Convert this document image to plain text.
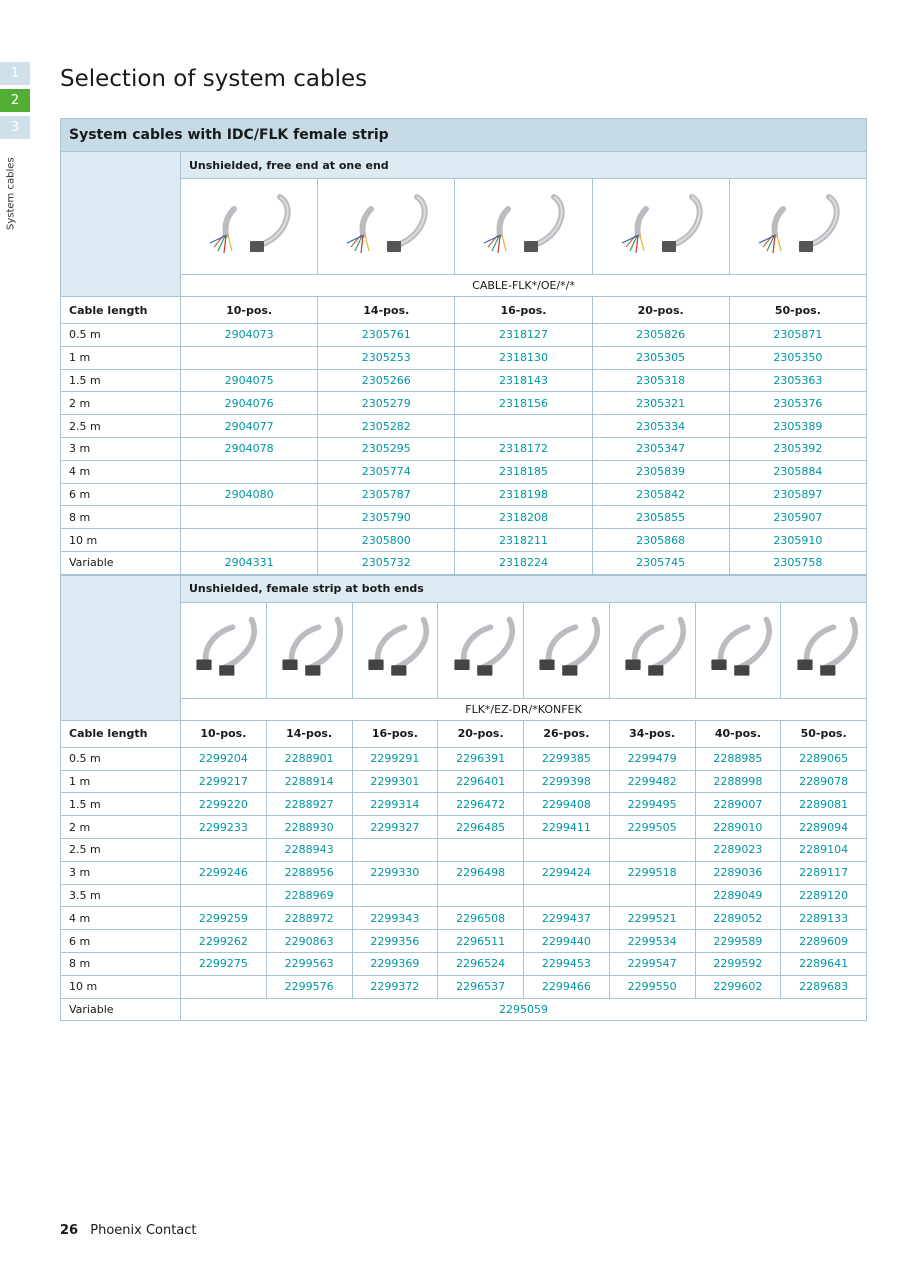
1
2
3
System cables
Selection of system cables
System cables with IDC/FLK female strip					
	Unshielded, free end at one end				

	CABLE-FLK*/OE/*/*				
Cable length	10-pos.	14-pos.	16-pos.	20-pos.	50-pos.
0.5 m	2904073	2305761	2318127	2305826	2305871
1 m		2305253	2318130	2305305	2305350
1.5 m	2904075	2305266	2318143	2305318	2305363
2 m	2904076	2305279	2318156	2305321	2305376
2.5 m	2904077	2305282		2305334	2305389
3 m	2904078	2305295	2318172	2305347	2305392
4 m		2305774	2318185	2305839	2305884
6 m	2904080	2305787	2318198	2305842	2305897
8 m		2305790	2318208	2305855	2305907
10 m		2305800	2318211	2305868	2305910
Variable	2904331	2305732	2318224	2305745	2305758
	Unshielded, female strip at both ends							

	FLK*/EZ-DR/*KONFEK							
Cable length	10-pos.	14-pos.	16-pos.	20-pos.	26-pos.	34-pos.	40-pos.	50-pos.
0.5 m	2299204	2288901	2299291	2296391	2299385	2299479	2288985	2289065
1 m	2299217	2288914	2299301	2296401	2299398	2299482	2288998	2289078
1.5 m	2299220	2288927	2299314	2296472	2299408	2299495	2289007	2289081
2 m	2299233	2288930	2299327	2296485	2299411	2299505	2289010	2289094
2.5 m		2288943					2289023	2289104
3 m	2299246	2288956	2299330	2296498	2299424	2299518	2289036	2289117
3.5 m		2288969					2289049	2289120
4 m	2299259	2288972	2299343	2296508	2299437	2299521	2289052	2289133
6 m	2299262	2290863	2299356	2296511	2299440	2299534	2299589	2289609
8 m	2299275	2299563	2299369	2296524	2299453	2299547	2299592	2289641
10 m		2299576	2299372	2296537	2299466	2299550	2299602	2289683
Variable	2295059							
26 Phoenix Contact
